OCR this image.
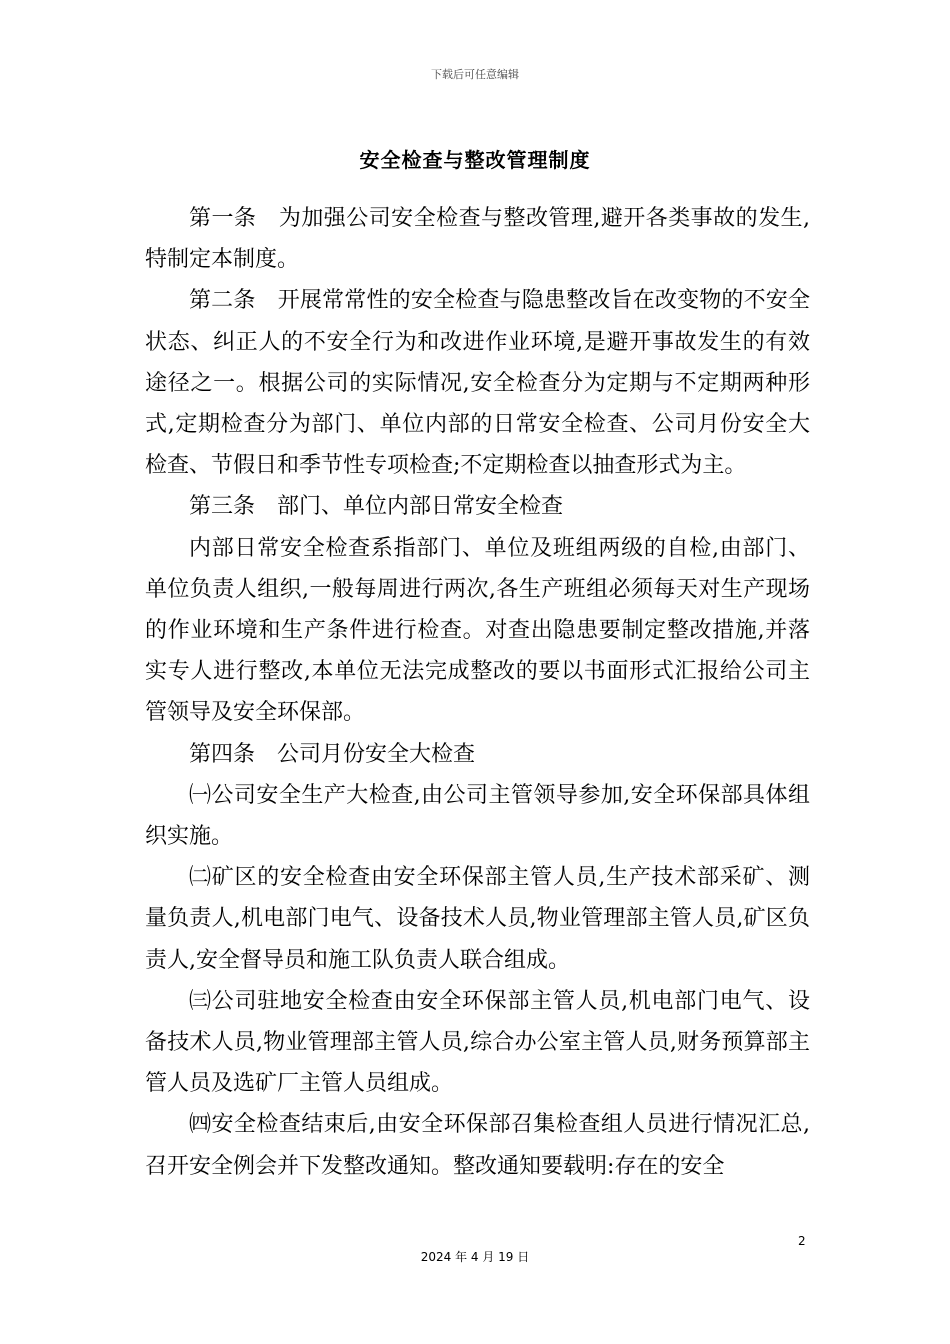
下载后可任意编辑
安全检查与整改管理制度

第一条　为加强公司安全检查与整改管理,避开各类事故的发生,特制定本制度。

第二条　开展常常性的安全检查与隐患整改旨在改变物的不安全状态、纠正人的不安全行为和改进作业环境,是避开事故发生的有效途径之一。根据公司的实际情况,安全检查分为定期与不定期两种形式,定期检查分为部门、单位内部的日常安全检查、公司月份安全大检查、节假日和季节性专项检查;不定期检查以抽查形式为主。

第三条　部门、单位内部日常安全检查

内部日常安全检查系指部门、单位及班组两级的自检,由部门、单位负责人组织,一般每周进行两次,各生产班组必须每天对生产现场的作业环境和生产条件进行检查。对查出隐患要制定整改措施,并落实专人进行整改,本单位无法完成整改的要以书面形式汇报给公司主管领导及安全环保部。

第四条　公司月份安全大检查

㈠公司安全生产大检查,由公司主管领导参加,安全环保部具体组织实施。

㈡矿区的安全检查由安全环保部主管人员,生产技术部采矿、测量负责人,机电部门电气、设备技术人员,物业管理部主管人员,矿区负责人,安全督导员和施工队负责人联合组成。

㈢公司驻地安全检查由安全环保部主管人员,机电部门电气、设备技术人员,物业管理部主管人员,综合办公室主管人员,财务预算部主管人员及选矿厂主管人员组成。

㈣安全检查结束后,由安全环保部召集检查组人员进行情况汇总,召开安全例会并下发整改通知。整改通知要载明:存在的安全

2
2024 年 4 月 19 日
